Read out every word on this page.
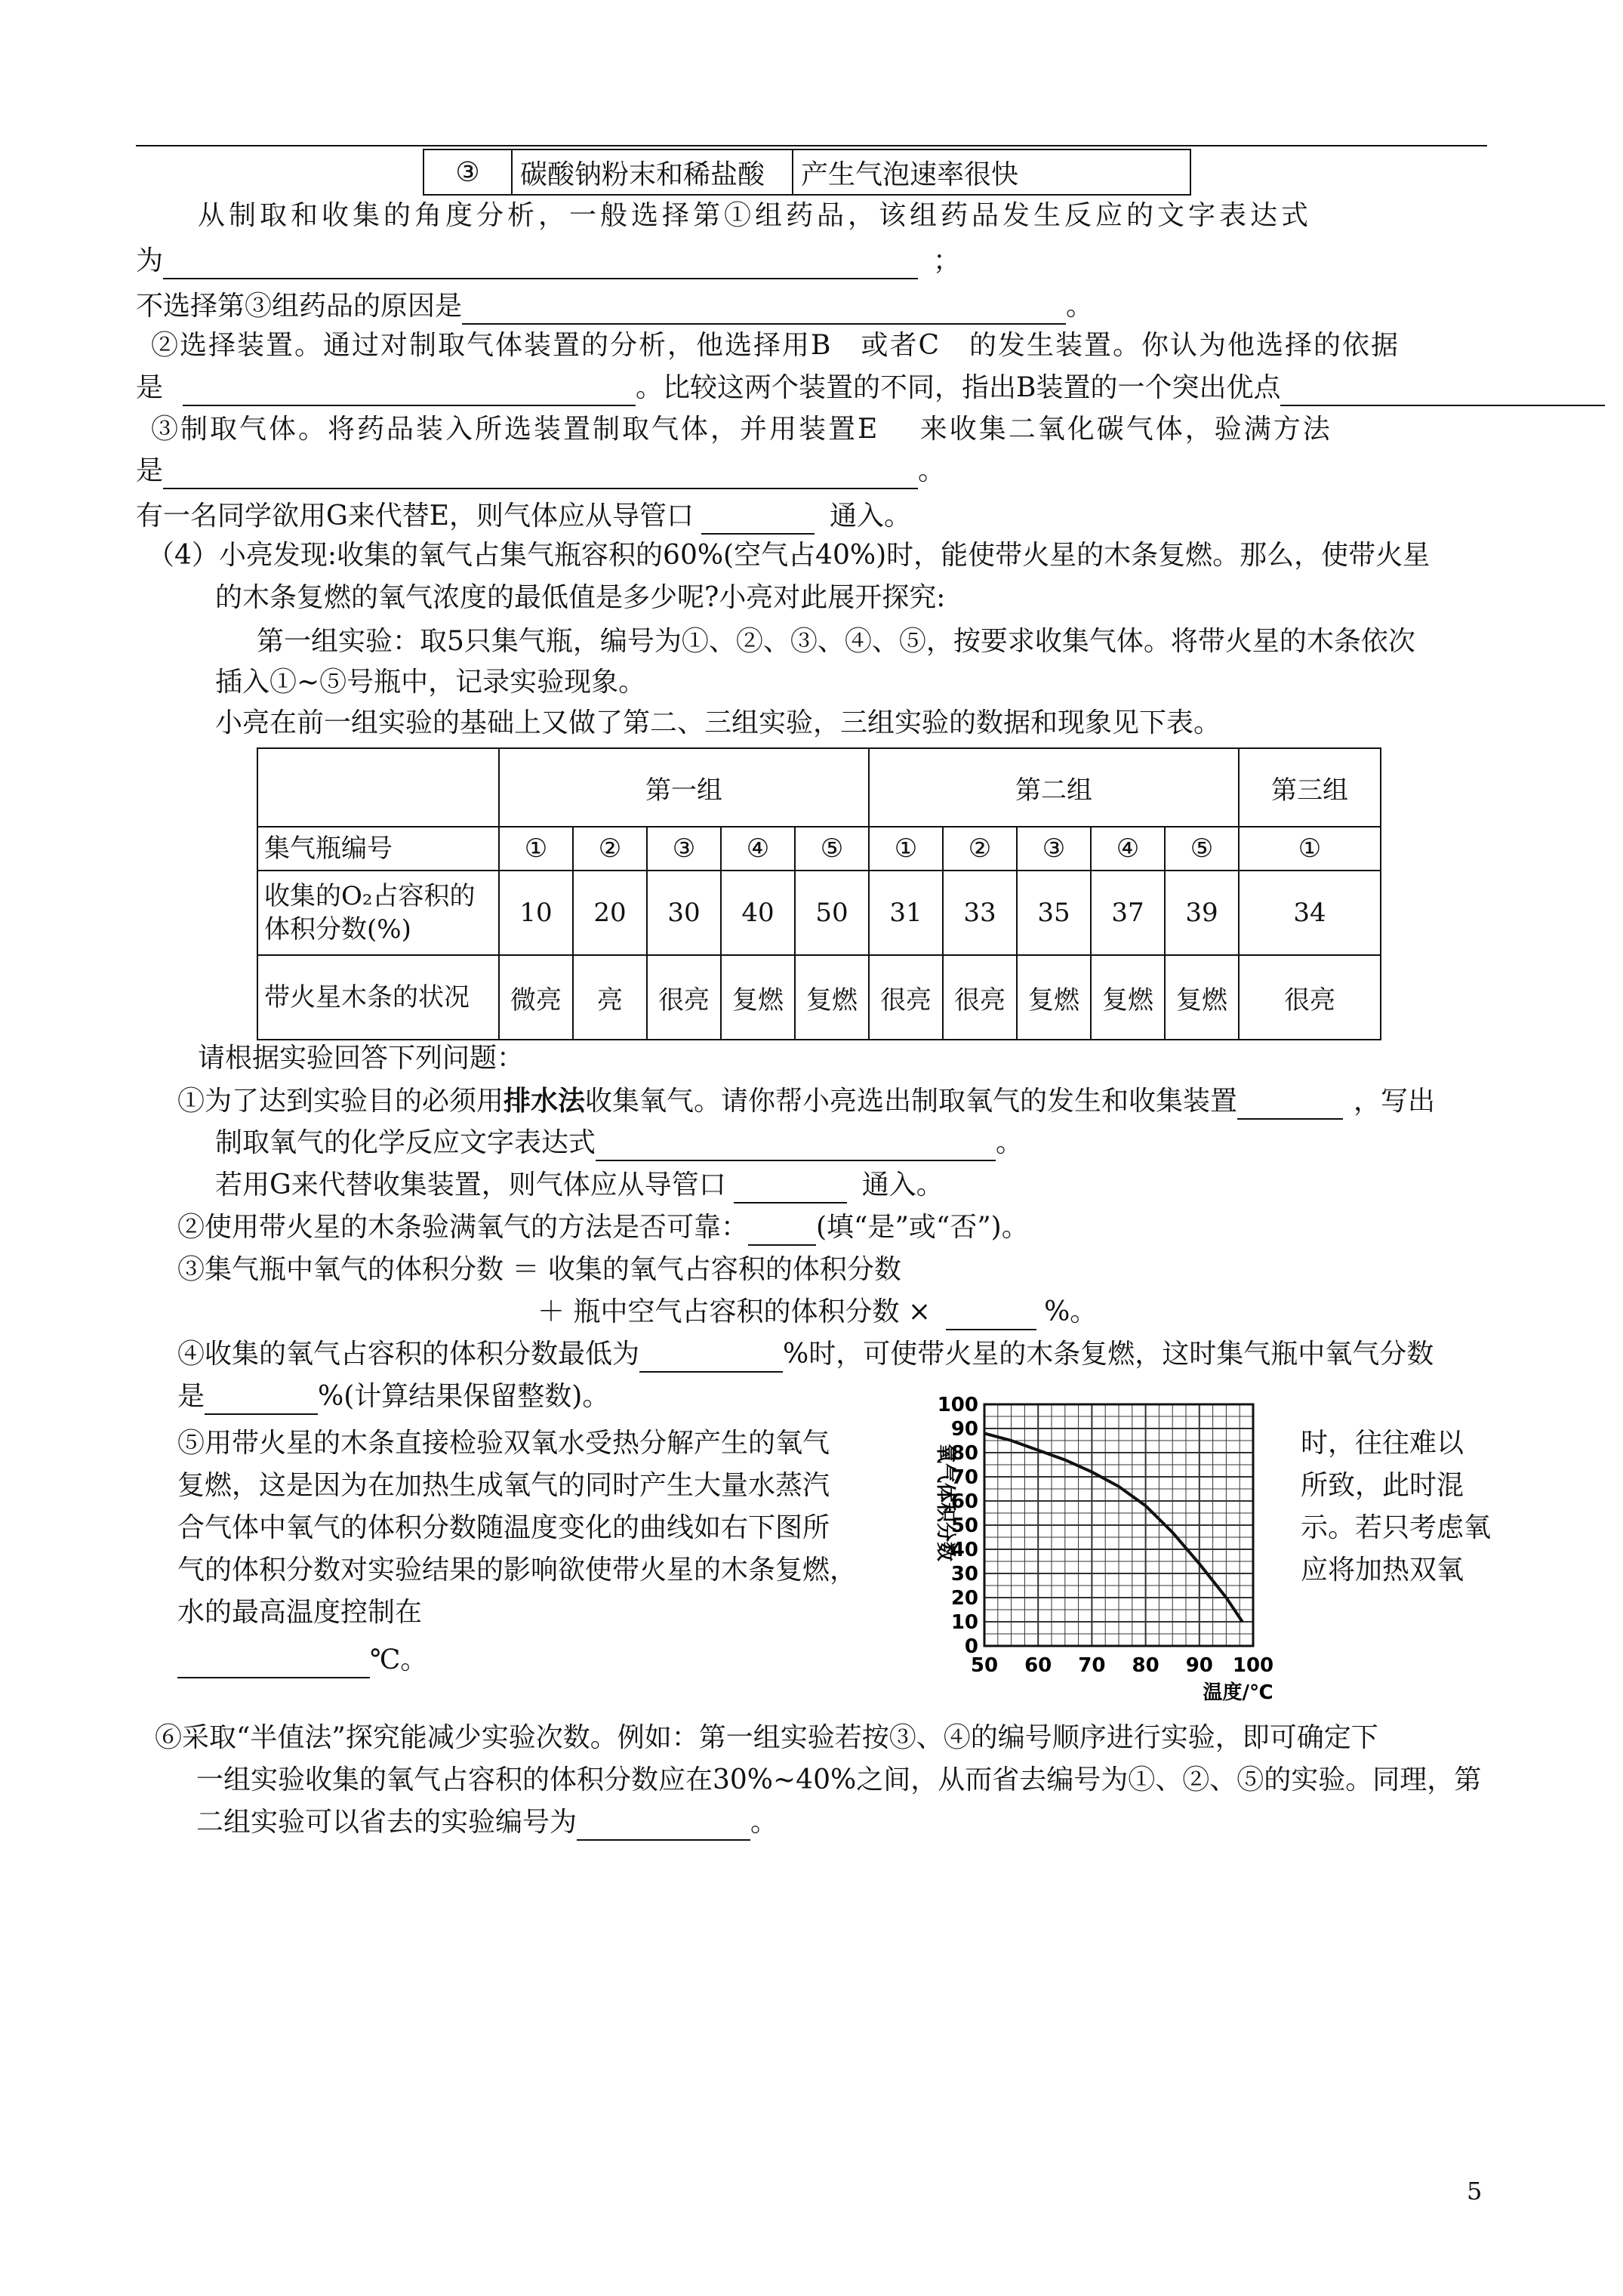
③	碳酸钠粉末和稀盐酸	产生气泡速率很快
从制取和收集的角度分析，一般选择第①组药品，该组药品发生反应的文字表达式
为	；
不选择第③组药品的原因是	。
②选择装置。通过对制取气体装置的分析，他选择用B　或者C　的发生装置。你认为他选择的依据
是	。比较这两个装置的不同，指出B装置的一个突出优点
③制取气体。将药品装入所选装置制取气体，并用装置E　 来收集二氧化碳气体，验满方法
是	。
有一名同学欲用G来代替E，则气体应从导管口	通入。
（4）小亮发现:收集的氧气占集气瓶容积的60%(空气占40%)时，能使带火星的木条复燃。那么，使带火星
的木条复燃的氧气浓度的最低值是多少呢?小亮对此展开探究:
第一组实验：取5只集气瓶，编号为①、②、③、④、⑤，按要求收集气体。将带火星的木条依次
插入①~⑤号瓶中，记录实验现象。
小亮在前一组实验的基础上又做了第二、三组实验，三组实验的数据和现象见下表。
	第一组					第二组					第三组
集气瓶编号	①	②	③	④	⑤	①	②	③	④	⑤	①
收集的O₂占容积的体积分数(%)	10	20	30	40	50	31	33	35	37	39	34
带火星木条的状况	微亮	亮	很亮	复燃	复燃	很亮	很亮	复燃	复燃	复燃	很亮
请根据实验回答下列问题：
①为了达到实验目的必须用排水法收集氧气。请你帮小亮选出制取氧气的发生和收集装置	，写出
制取氧气的化学反应文字表达式	。
若用G来代替收集装置，则气体应从导管口	通入。
②使用带火星的木条验满氧气的方法是否可靠：	(填“是”或“否”)。
③集气瓶中氧气的体积分数 ＝ 收集的氧气占容积的体积分数
＋ 瓶中空气占容积的体积分数 ×	%。
④收集的氧气占容积的体积分数最低为	%时，可使带火星的木条复燃，这时集气瓶中氧气分数
是	%(计算结果保留整数)。
⑤用带火星的木条直接检验双氧水受热分解产生的氧气	时，往往难以
复燃，这是因为在加热生成氧气的同时产生大量水蒸汽	所致，此时混
合气体中氧气的体积分数随温度变化的曲线如右下图所	示。若只考虑氧
气的体积分数对实验结果的影响欲使带火星的木条复燃，	应将加热双氧
水的最高温度控制在
℃。	50 60 70 80 90 100
0
10
20
30
40
50
60
70
80
90
100
氧气体积分数
温度/℃
⑥采取“半值法”探究能减少实验次数。例如：第一组实验若按③、④的编号顺序进行实验，即可确定下
一组实验收集的氧气占容积的体积分数应在30%~40%之间，从而省去编号为①、②、⑤的实验。同理，第
二组实验可以省去的实验编号为	。
5
